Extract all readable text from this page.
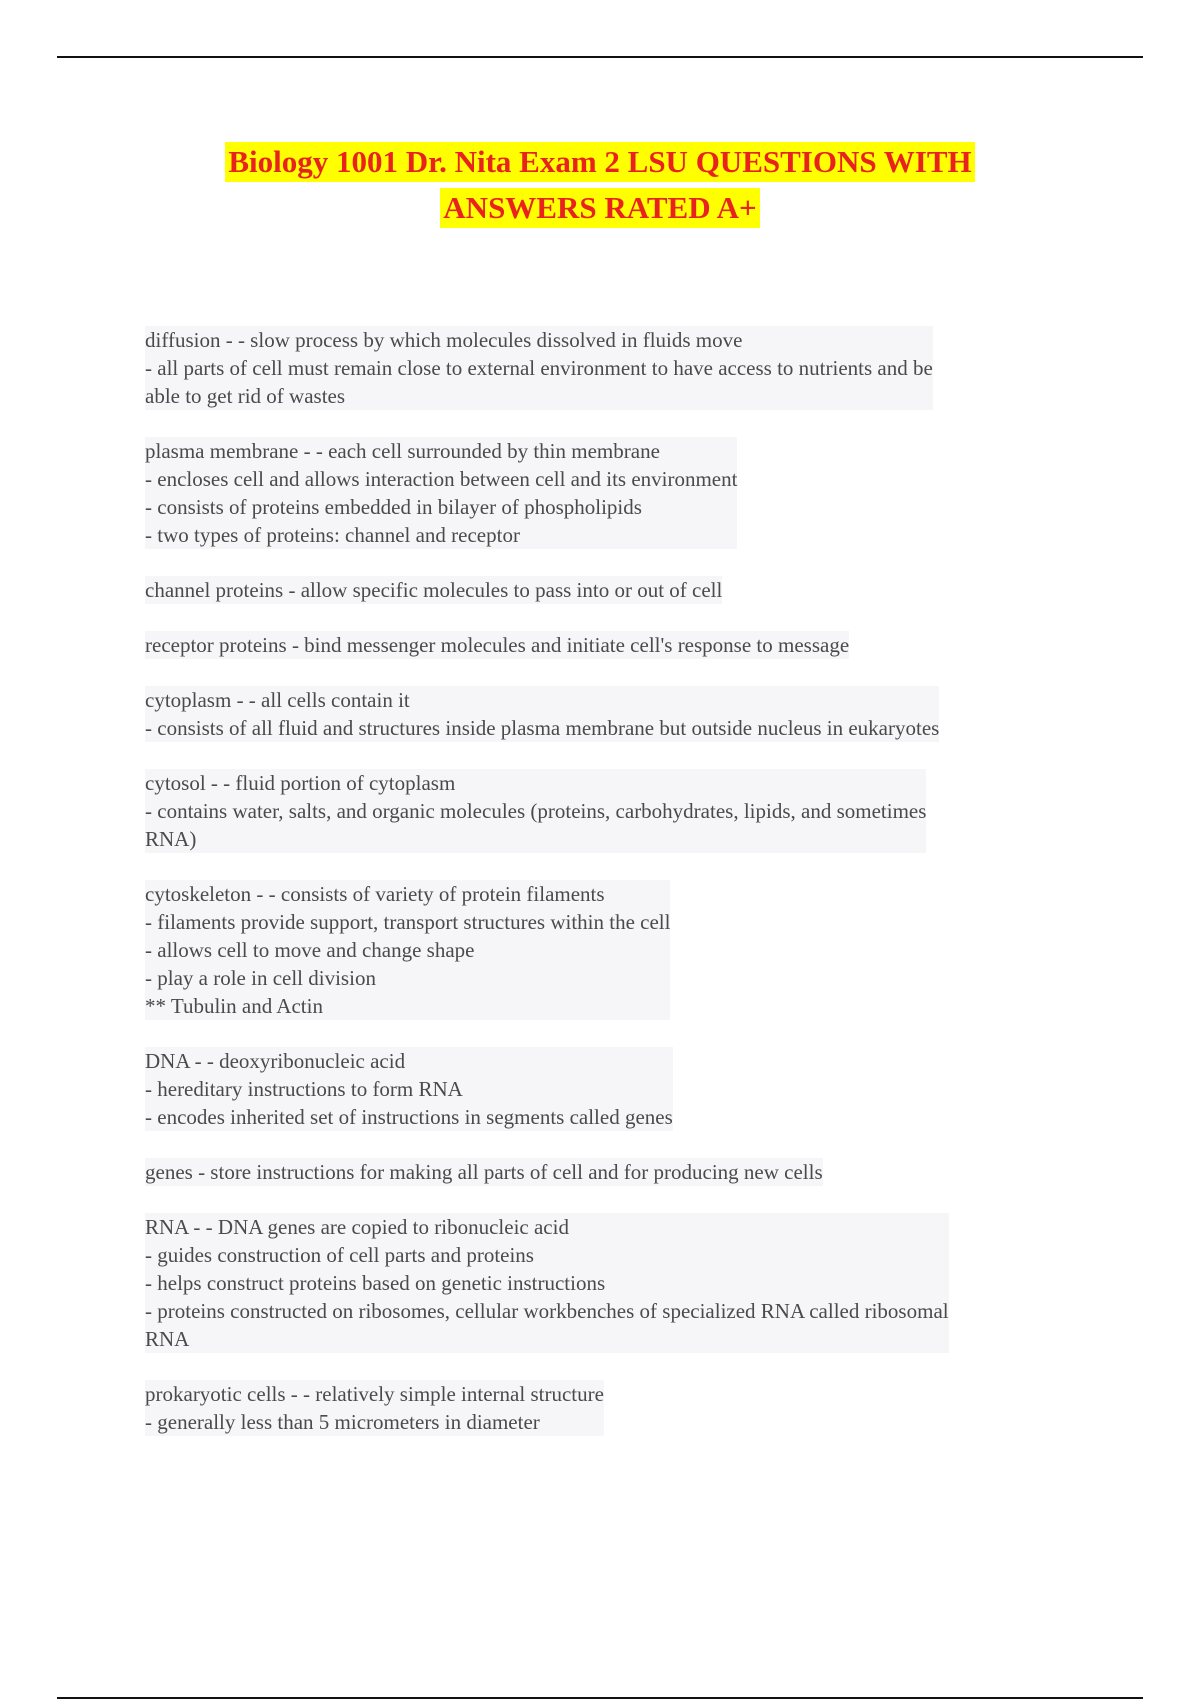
Biology 1001 Dr. Nita Exam 2 LSU QUESTIONS WITH
ANSWERS RATED A+
diffusion - - slow process by which molecules dissolved in fluids move
- all parts of cell must remain close to external environment to have access to nutrients and be
able to get rid of wastes
plasma membrane - - each cell surrounded by thin membrane
- encloses cell and allows interaction between cell and its environment
- consists of proteins embedded in bilayer of phospholipids
- two types of proteins: channel and receptor
channel proteins - allow specific molecules to pass into or out of cell
receptor proteins - bind messenger molecules and initiate cell's response to message
cytoplasm - - all cells contain it
- consists of all fluid and structures inside plasma membrane but outside nucleus in eukaryotes
cytosol - - fluid portion of cytoplasm
- contains water, salts, and organic molecules (proteins, carbohydrates, lipids, and sometimes
RNA)
cytoskeleton - - consists of variety of protein filaments
- filaments provide support, transport structures within the cell
- allows cell to move and change shape
- play a role in cell division
** Tubulin and Actin
DNA - - deoxyribonucleic acid
- hereditary instructions to form RNA
- encodes inherited set of instructions in segments called genes
genes - store instructions for making all parts of cell and for producing new cells
RNA - - DNA genes are copied to ribonucleic acid
- guides construction of cell parts and proteins
- helps construct proteins based on genetic instructions
- proteins constructed on ribosomes, cellular workbenches of specialized RNA called ribosomal
RNA
prokaryotic cells - - relatively simple internal structure
- generally less than 5 micrometers in diameter
